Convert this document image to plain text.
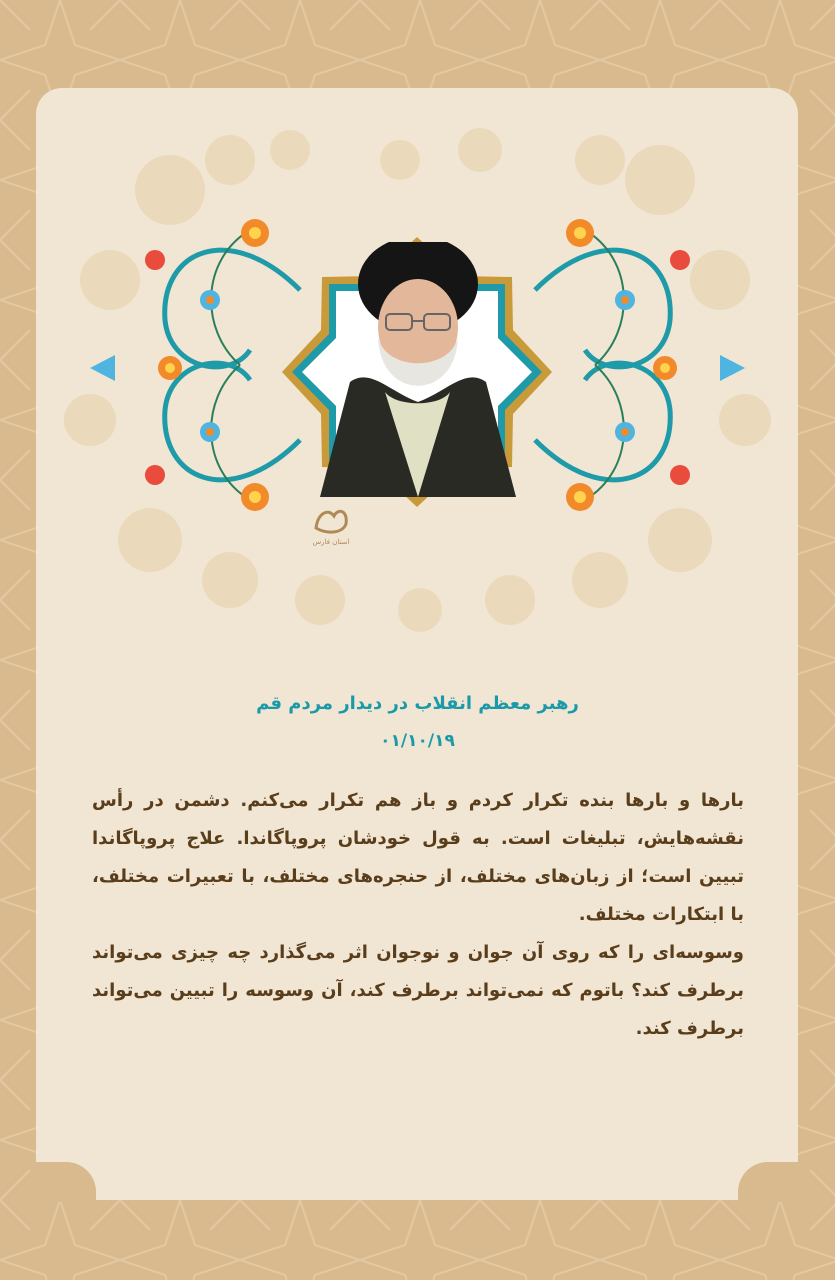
استان فارس
رهبر معظم انقلاب در دیدار مردم قم
۰۱/۱۰/۱۹

بارها و بارها بنده تکرار کردم و باز هم تکرار می‌کنم. دشمن در رأس نقشه‌هایش، تبلیغات است. به قول خودشان پروپاگاندا. علاج پروپاگاندا تبیین است؛ از زبان‌های مختلف، از حنجره‌های مختلف، با تعبیرات مختلف، با ابتکارات مختلف.

وسوسه‌ای را که روی آن جوان و نوجوان اثر می‌گذارد چه چیزی می‌تواند برطرف کند؟ باتوم که نمی‌تواند برطرف کند، آن وسوسه را تبیین می‌تواند برطرف کند.
